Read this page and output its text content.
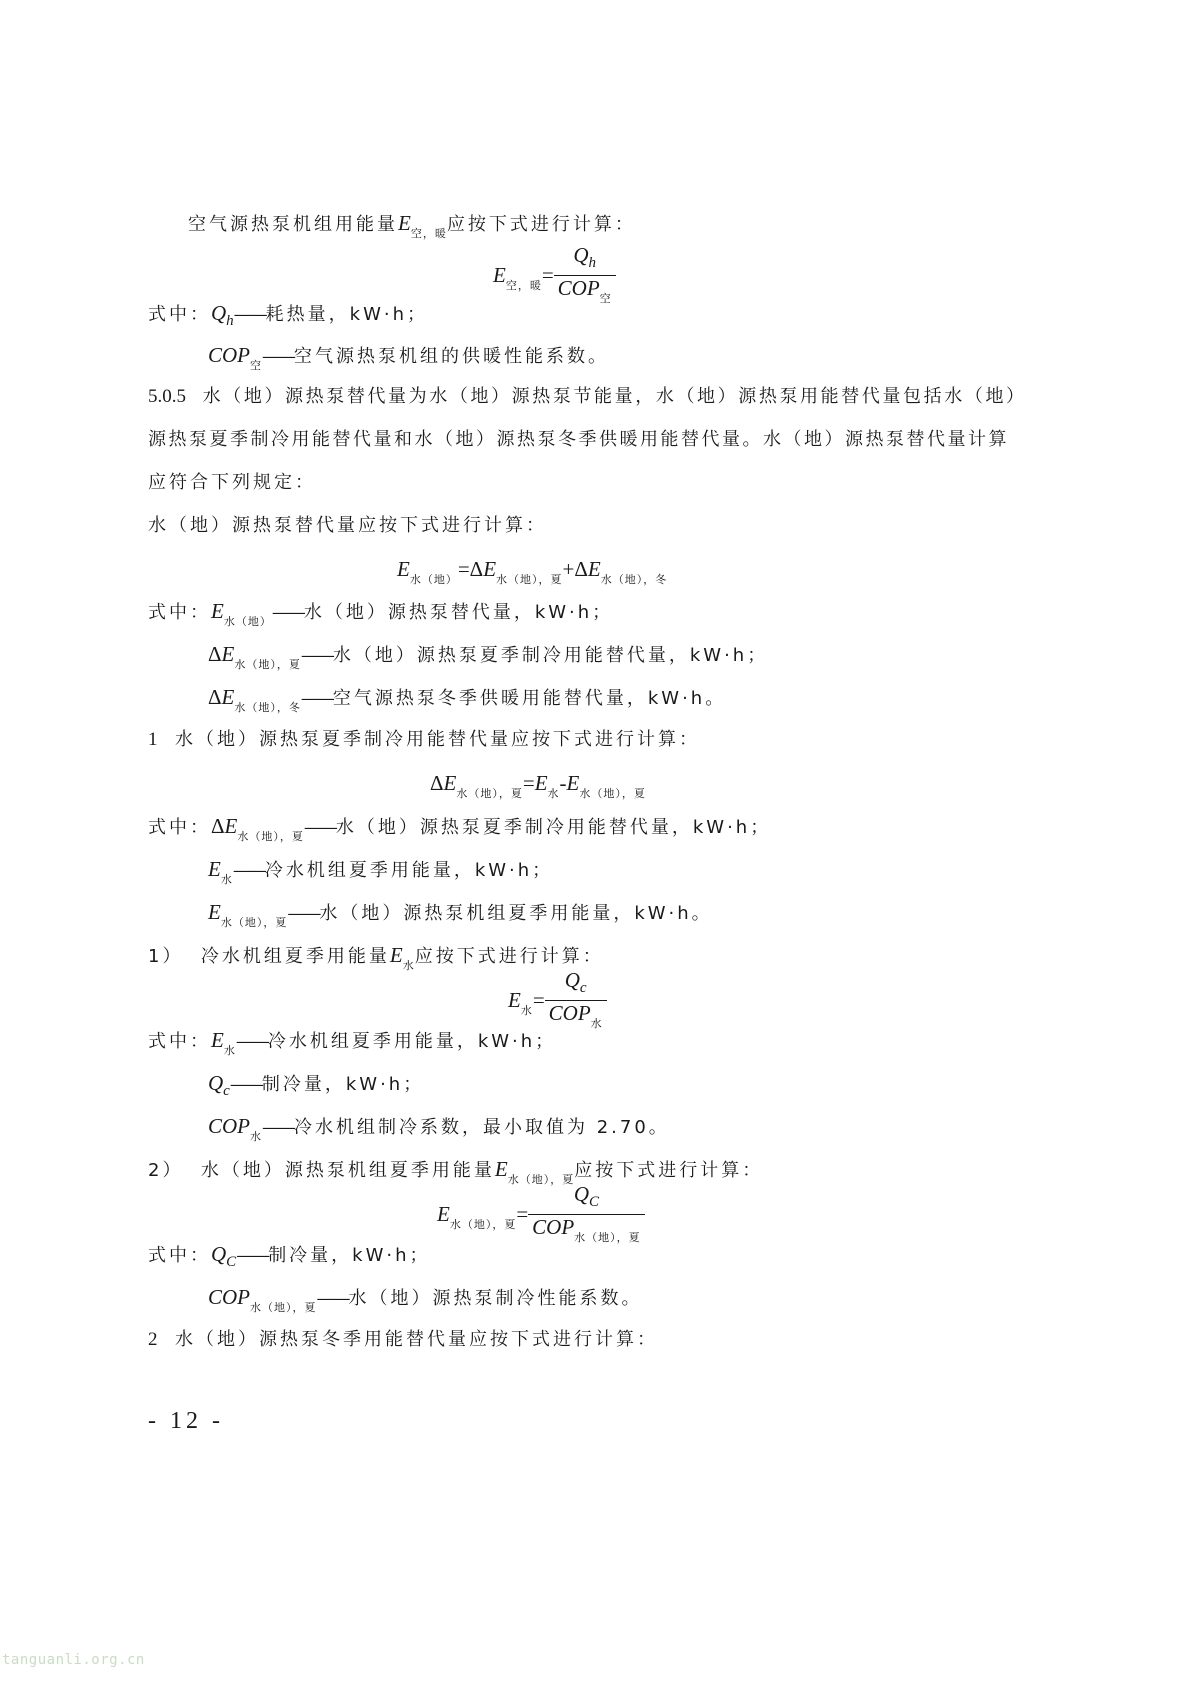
空气源热泵机组用能量$E_{空,暖}$应按下式进行计算：
$E_{空,暖}= \frac{Q_h}{COP_空}$
式中：$Q_h——$耗热量，kW·h；
$COP_空——$空气源热泵机组的供暖性能系数。
5.0.5 水（地）源热泵替代量为水（地）源热泵节能量，水（地）源热泵用能替代量包括水（地）
源热泵夏季制冷用能替代量和水（地）源热泵冬季供暖用能替代量。水（地）源热泵替代量计算
应符合下列规定：
水（地）源热泵替代量应按下式进行计算：
$E_{水(地)}=\Delta E_{水(地),夏}+\Delta E_{水(地),冬}$
式中：$E_{水(地)}——$水（地）源热泵替代量，kW·h；
$\Delta E_{水(地),夏}——$水（地）源热泵夏季制冷用能替代量，kW·h；
$\Delta E_{水(地),冬}——$空气源热泵冬季供暖用能替代量，kW·h。
1 水（地）源热泵夏季制冷用能替代量应按下式进行计算：
$\Delta E_{水(地),夏}=E_水-E_{水(地),夏}$
式中：$\Delta E_{水(地),夏}——$水（地）源热泵夏季制冷用能替代量，kW·h；
$E_水——$冷水机组夏季用能量，kW·h；
$E_{水(地),夏}——$水（地）源热泵机组夏季用能量，kW·h。
1） 冷水机组夏季用能量$E_水$应按下式进行计算：
$E_水= \frac{Q_c}{COP_水}$
式中：$E_水——$冷水机组夏季用能量，kW·h；
$Q_c——$制冷量，kW·h；
$COP_水——$冷水机组制冷系数，最小取值为 2.70。
2） 水（地）源热泵机组夏季用能量$E_{水(地),夏}$应按下式进行计算：
$E_{水(地),夏}= \frac{Q_C}{COP_{水(地),夏}}$
式中：$Q_C——$制冷量，kW·h；
$COP_{水(地),夏}——$水（地）源热泵制冷性能系数。
2 水（地）源热泵冬季用能替代量应按下式进行计算：
- 12 -
tanguanli.org.cn
